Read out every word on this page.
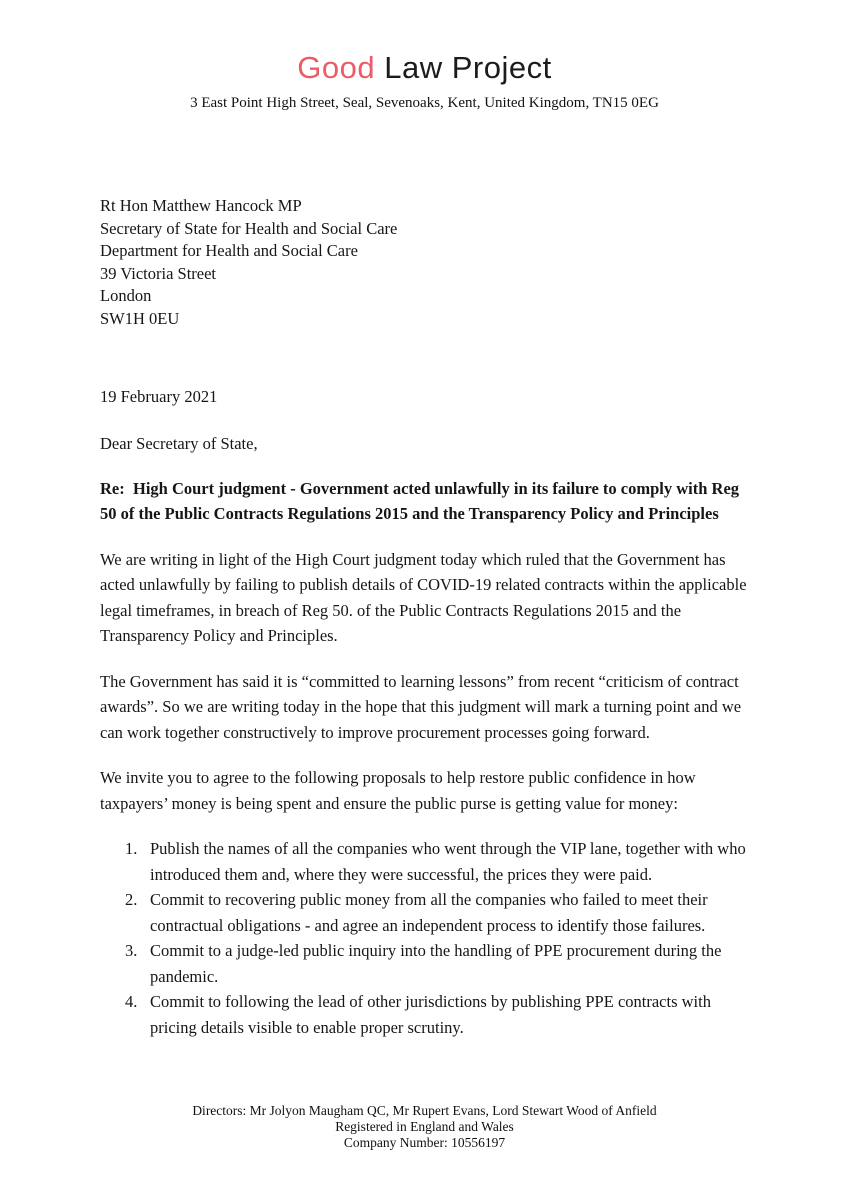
Good Law Project
3 East Point High Street, Seal, Sevenoaks, Kent, United Kingdom, TN15 0EG
Rt Hon Matthew Hancock MP
Secretary of State for Health and Social Care
Department for Health and Social Care
39 Victoria Street
London
SW1H 0EU
19 February 2021
Dear Secretary of State,

Re:  High Court judgment - Government acted unlawfully in its failure to comply with Reg 50 of the Public Contracts Regulations 2015 and the Transparency Policy and Principles

We are writing in light of the High Court judgment today which ruled that the Government has acted unlawfully by failing to publish details of COVID-19 related contracts within the applicable legal timeframes, in breach of Reg 50. of the Public Contracts Regulations 2015 and the Transparency Policy and Principles.

The Government has said it is “committed to learning lessons” from recent “criticism of contract awards”. So we are writing today in the hope that this judgment will mark a turning point and we can work together constructively to improve procurement processes going forward.

We invite you to agree to the following proposals to help restore public confidence in how taxpayers’ money is being spent and ensure the public purse is getting value for money:

1. Publish the names of all the companies who went through the VIP lane, together with who introduced them and, where they were successful, the prices they were paid.
2. Commit to recovering public money from all the companies who failed to meet their contractual obligations - and agree an independent process to identify those failures.
3. Commit to a judge-led public inquiry into the handling of PPE procurement during the pandemic.
4. Commit to following the lead of other jurisdictions by publishing PPE contracts with pricing details visible to enable proper scrutiny.
Directors: Mr Jolyon Maugham QC, Mr Rupert Evans, Lord Stewart Wood of Anfield
Registered in England and Wales
Company Number: 10556197
